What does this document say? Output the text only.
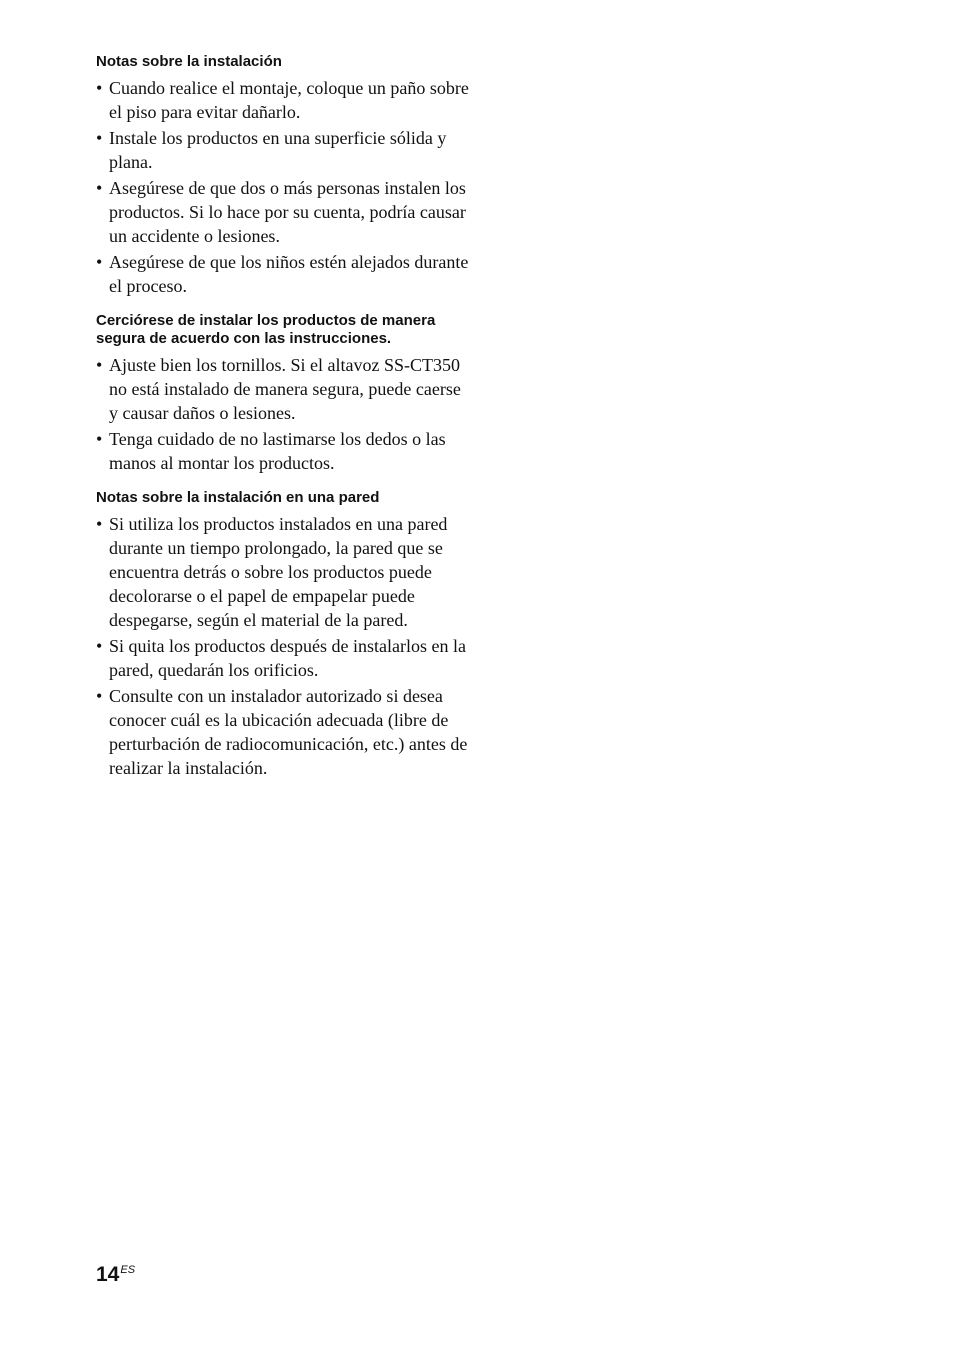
Notas sobre la instalación
• Cuando realice el montaje, coloque un paño sobre el piso para evitar dañarlo.
• Instale los productos en una superficie sólida y plana.
• Asegúrese de que dos o más personas instalen los productos. Si lo hace por su cuenta, podría causar un accidente o lesiones.
• Asegúrese de que los niños estén alejados durante el proceso.
Cerciórese de instalar los productos de manera segura de acuerdo con las instrucciones.
• Ajuste bien los tornillos. Si el altavoz SS-CT350 no está instalado de manera segura, puede caerse y causar daños o lesiones.
• Tenga cuidado de no lastimarse los dedos o las manos al montar los productos.
Notas sobre la instalación en una pared
• Si utiliza los productos instalados en una pared durante un tiempo prolongado, la pared que se encuentra detrás o sobre los productos puede decolorarse o el papel de empapelar puede despegarse, según el material de la pared.
• Si quita los productos después de instalarlos en la pared, quedarán los orificios.
• Consulte con un instalador autorizado si desea conocer cuál es la ubicación adecuada (libre de perturbación de radiocomunicación, etc.) antes de realizar la instalación.
$14^{ES}$
